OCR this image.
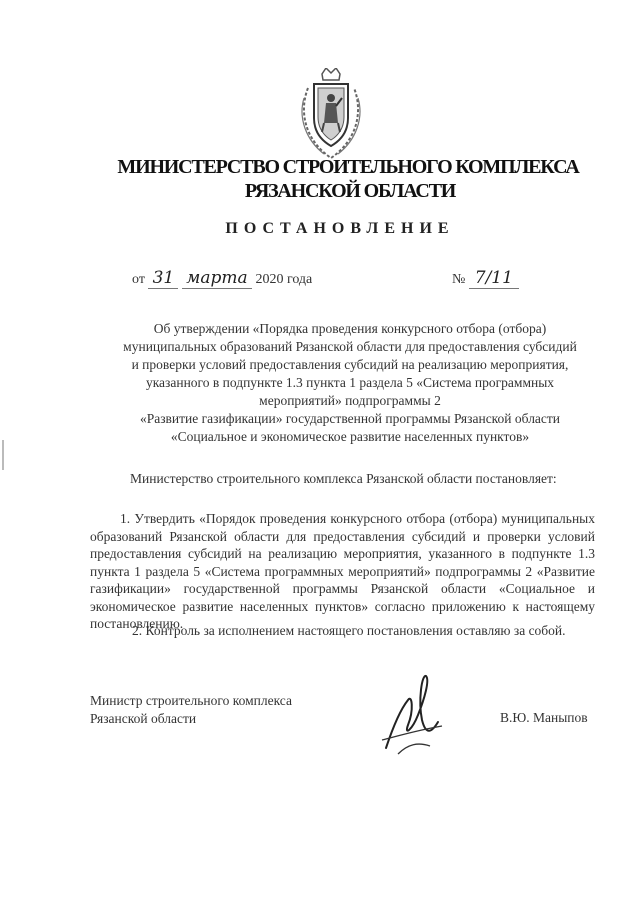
МИНИСТЕРСТВО СТРОИТЕЛЬНОГО КОМПЛЕКСА
РЯЗАНСКОЙ ОБЛАСТИ
ПОСТАНОВЛЕНИЕ
от 31 марта 2020 года	№ 7/11
Об утверждении «Порядка проведения конкурсного отбора (отбора)
муниципальных образований Рязанской области для предоставления субсидий
и проверки условий предоставления субсидий на реализацию мероприятия,
указанного в подпункте 1.3 пункта 1 раздела 5 «Система программных
мероприятий» подпрограммы 2
«Развитие газификации» государственной программы Рязанской области
«Социальное и экономическое развитие населенных пунктов»
Министерство строительного комплекса Рязанской области постановляет:
1. Утвердить «Порядок проведения конкурсного отбора (отбора) муниципальных образований Рязанской области для предоставления субсидий и проверки условий предоставления субсидий на реализацию мероприятия, указанного в подпункте 1.3 пункта 1 раздела 5 «Система программных мероприятий» подпрограммы 2 «Развитие газификации» государственной программы Рязанской области «Социальное и экономическое развитие населенных пунктов» согласно приложению к настоящему постановлению.
2. Контроль за исполнением настоящего постановления оставляю за собой.
Министр строительного комплекса
Рязанской области	В.Ю. Маныпов
